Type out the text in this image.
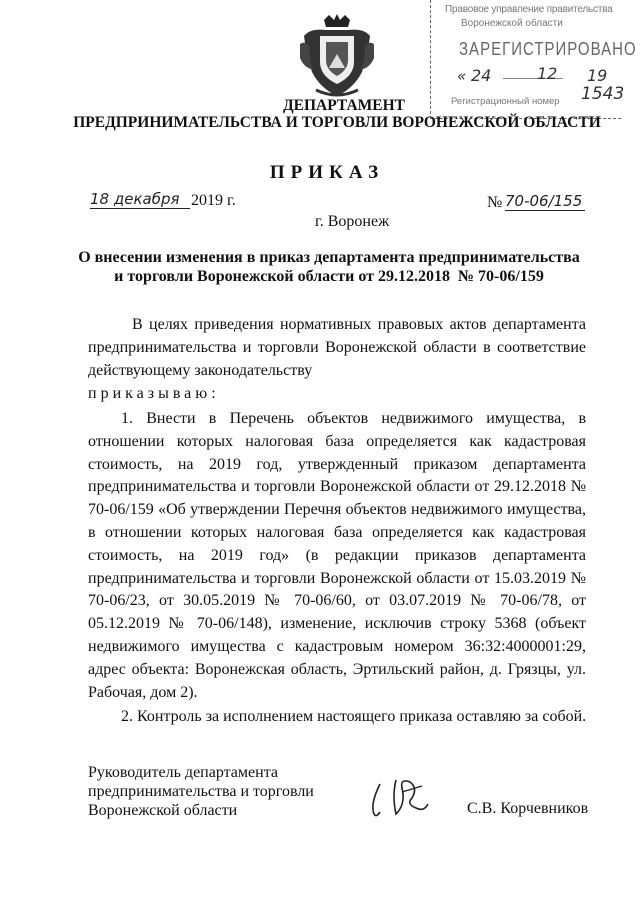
Правовое управление правительства
Воронежской области
ЗАРЕГИСТРИРОВАНО
« 24	12 19
Регистрационный номер 1543
ДЕПАРТАМЕНТ
ПРЕДПРИНИМАТЕЛЬСТВА И ТОРГОВЛИ ВОРОНЕЖСКОЙ ОБЛАСТИ
ПРИКАЗ
18 декабря 2019 г.	№ 70-06/155
г. Воронеж
О внесении изменения в приказ департамента предпринимательства
и торговли Воронежской области от 29.12.2018  № 70-06/159
В целях приведения нормативных правовых актов департамента предпринимательства и торговли Воронежской области в соответствие действующему законодательству
приказываю:
1. Внести в Перечень объектов недвижимого имущества, в отношении которых налоговая база определяется как кадастровая стоимость, на 2019 год, утвержденный приказом департамента предпринимательства и торговли Воронежской области от 29.12.2018 № 70-06/159 «Об утверждении Перечня объектов недвижимого имущества, в отношении которых налоговая база определяется как кадастровая стоимость, на 2019 год» (в редакции приказов департамента предпринимательства и торговли Воронежской области от 15.03.2019 № 70-06/23, от 30.05.2019 № 70-06/60, от 03.07.2019 № 70-06/78, от 05.12.2019 № 70-06/148), изменение, исключив строку 5368 (объект недвижимого имущества с кадастровым номером 36:32:4000001:29, адрес объекта: Воронежская область, Эртильский район, д. Грязцы, ул. Рабочая, дом 2).
2. Контроль за исполнением настоящего приказа оставляю за собой.
Руководитель департамента
предпринимательства и торговли
Воронежской области	С.В. Корчевников
